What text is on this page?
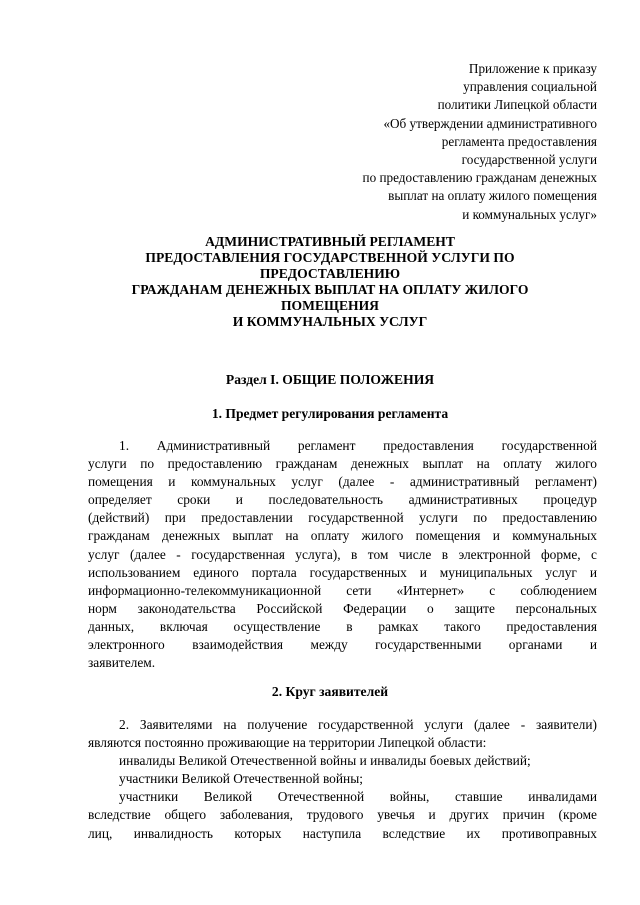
Приложение к приказу
управления социальной
политики Липецкой области
«Об утверждении административного
регламента предоставления
государственной услуги
по предоставлению гражданам денежных
выплат на оплату жилого помещения
и коммунальных услуг»
АДМИНИСТРАТИВНЫЙ РЕГЛАМЕНТ
ПРЕДОСТАВЛЕНИЯ ГОСУДАРСТВЕННОЙ УСЛУГИ ПО
ПРЕДОСТАВЛЕНИЮ
ГРАЖДАНАМ ДЕНЕЖНЫХ ВЫПЛАТ НА ОПЛАТУ ЖИЛОГО
ПОМЕЩЕНИЯ
И КОММУНАЛЬНЫХ УСЛУГ
Раздел I. ОБЩИЕ ПОЛОЖЕНИЯ
1. Предмет регулирования регламента
1. Административный регламент предоставления государственной
услуги по предоставлению гражданам денежных выплат на оплату жилого
помещения и коммунальных услуг (далее - административный регламент)
определяет сроки и последовательность административных процедур
(действий) при предоставлении государственной услуги по предоставлению
гражданам денежных выплат на оплату жилого помещения и коммунальных
услуг (далее - государственная услуга), в том числе в электронной форме, с
использованием единого портала государственных и муниципальных услуг и
информационно-телекоммуникационной сети «Интернет» с соблюдением
норм законодательства Российской Федерации о защите персональных
данных, включая осуществление в рамках такого предоставления
электронного взаимодействия между государственными органами и
заявителем.
2. Круг заявителей
2. Заявителями на получение государственной услуги (далее - заявители)
являются постоянно проживающие на территории Липецкой области:
инвалиды Великой Отечественной войны и инвалиды боевых действий;
участники Великой Отечественной войны;
участники Великой Отечественной войны, ставшие инвалидами
вследствие общего заболевания, трудового увечья и других причин (кроме
лиц, инвалидность которых наступила вследствие их противоправных
